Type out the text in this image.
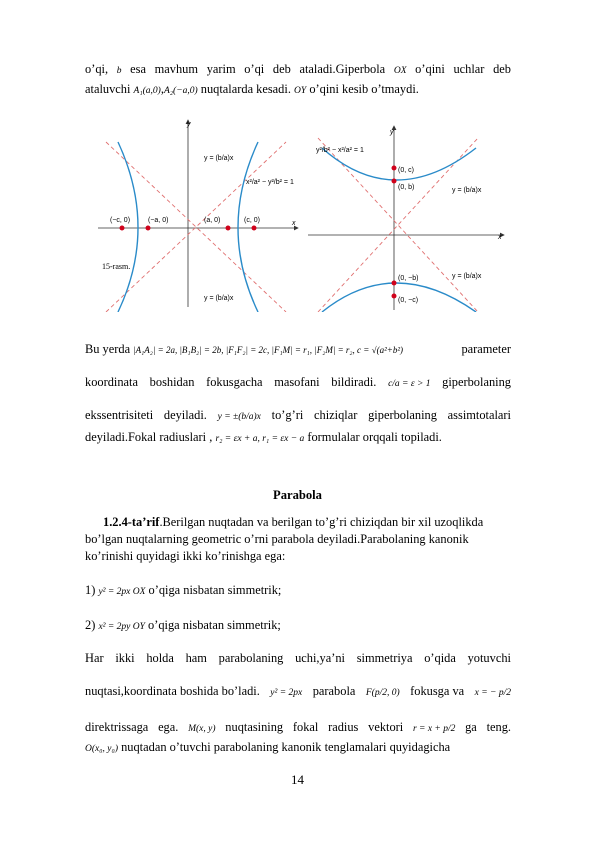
o’qi, b esa mavhum yarim o’qi deb ataladi.Giperbola OX o’qini uchlar deb
ataluvchi A₁(a,0),A₂(−a,0) nuqtalarda kesadi. OY o’qini kesib o’tmaydi.
y
x
y = (b/a)x
y = (b/a)x
x²/a² − y²/b² = 1
(−c, 0)	(−a, 0)	(a, 0)	(c, 0)
15-rasm.
y
x
y²/b² − x²/a² = 1
(0, c)
(0, b)
(0, −b)
(0, −c)
y = (b/a)x
y = (b/a)x
Bu yerda |A₁A₂| = 2a, |B₁B₂| = 2b, |F₁F₂| = 2c, |F₁M| = r₁, |F₂M| = r₂, c = √(a²+b²)	parameter
koordinata boshidan fokusgacha masofani bildiradi. c/a = ε > 1 giperbolaning
ekssentrisiteti deyiladi. y = ±(b/a)x to’g’ri chiziqlar giperbolaning assimtotalari
deyiladi.Fokal radiuslari , r₂ = εx + a, r₁ = εx − a formulalar orqqali topiladi.
Parabola
1.2.4-ta’rif.Berilgan nuqtadan va berilgan to’g’ri chiziqdan bir xil uzoqlikda
bo’lgan nuqtalarning geometric o’rni parabola deyiladi.Parabolaning kanonik
ko’rinishi quyidagi ikki ko’rinishga ega:
1) y² = 2px OX o’qiga nisbatan simmetrik;
2) x² = 2py OY o’qiga nisbatan simmetrik;
Har ikki holda ham parabolaning uchi,ya’ni simmetriya o’qida yotuvchi
nuqtasi,koordinata boshida bo’ladi. y² = 2px parabola F(p/2, 0) fokusga va x = − p/2
direktrissaga ega. M(x, y) nuqtasining fokal radius vektori r = x + p/2 ga teng.
O(x₀, y₀) nuqtadan o’tuvchi parabolaning kanonik tenglamalari quyidagicha
14
